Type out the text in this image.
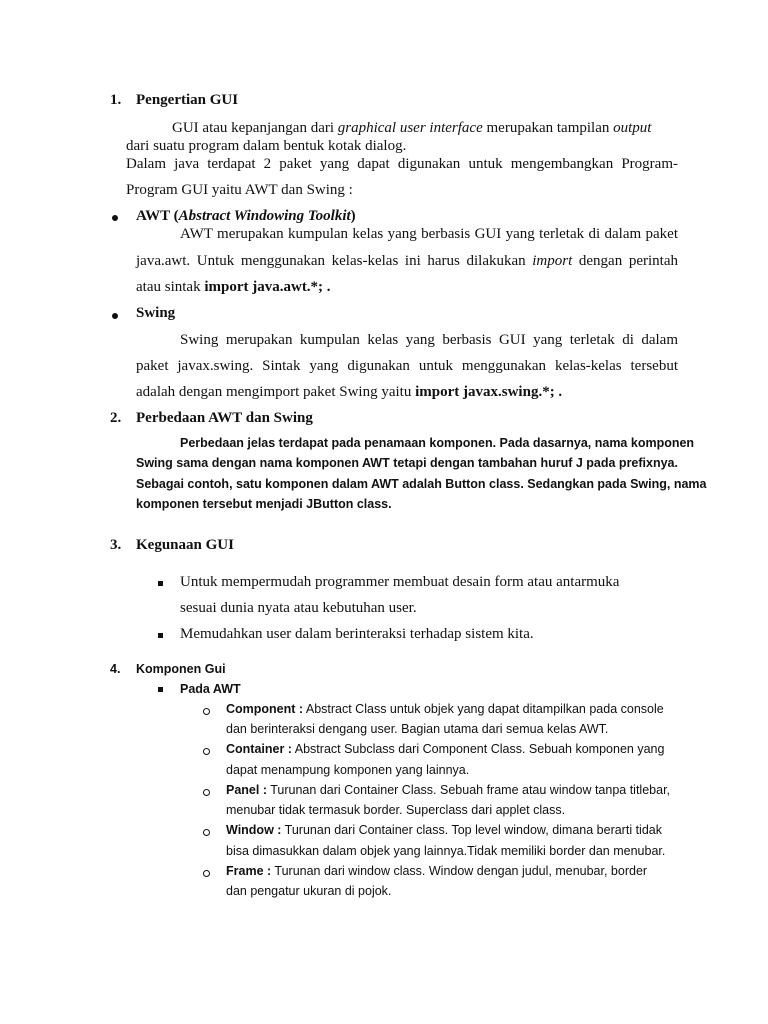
1. Pengertian GUI
GUI atau kepanjangan dari graphical user interface merupakan tampilan output
dari suatu program dalam bentuk kotak dialog.
Dalam java terdapat 2 paket yang dapat digunakan untuk mengembangkan Program-
Program GUI yaitu AWT dan Swing :
AWT (Abstract Windowing Toolkit)
AWT merupakan kumpulan kelas yang berbasis GUI yang terletak di dalam paket
java.awt. Untuk menggunakan kelas-kelas ini harus dilakukan import dengan perintah
atau sintak import java.awt.*; .
Swing
Swing merupakan kumpulan kelas yang berbasis GUI yang terletak di dalam
paket javax.swing. Sintak yang digunakan untuk menggunakan kelas-kelas tersebut
adalah dengan mengimport paket Swing yaitu import javax.swing.*; .
2. Perbedaan AWT dan Swing
Perbedaan jelas terdapat pada penamaan komponen. Pada dasarnya, nama komponen
Swing sama dengan nama komponen AWT tetapi dengan tambahan huruf J pada prefixnya.
Sebagai contoh, satu komponen dalam AWT adalah Button class. Sedangkan pada Swing, nama
komponen tersebut menjadi JButton class.
3. Kegunaan GUI
Untuk mempermudah programmer membuat desain form atau antarmuka
sesuai dunia nyata atau kebutuhan user.
Memudahkan user dalam berinteraksi terhadap sistem kita.
4. Komponen Gui
Pada AWT
Component : Abstract Class untuk objek yang dapat ditampilkan pada console
dan berinteraksi dengang user. Bagian utama dari semua kelas AWT.
Container : Abstract Subclass dari Component Class. Sebuah komponen yang
dapat menampung komponen yang lainnya.
Panel : Turunan dari Container Class. Sebuah frame atau window tanpa titlebar,
menubar tidak termasuk border. Superclass dari applet class.
Window : Turunan dari Container class. Top level window, dimana berarti tidak
bisa dimasukkan dalam objek yang lainnya.Tidak memiliki border dan menubar.
Frame : Turunan dari window class. Window dengan judul, menubar, border
dan pengatur ukuran di pojok.
